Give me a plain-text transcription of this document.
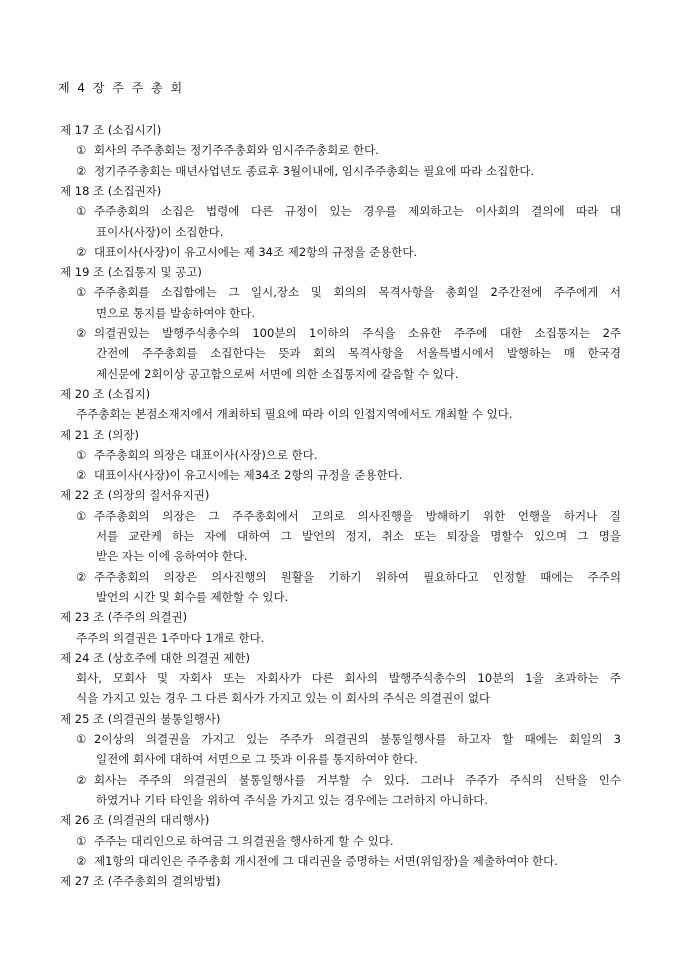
제 4 장 주 주 총 회
제 17 조 (소집시기)
① 회사의 주주총회는 정기주주총회와 임시주주총회로 한다.
② 정기주주총회는 매년사업년도 종료후 3월이내에, 임시주주총회는 필요에 따라 소집한다.
제 18 조 (소집권자)
① 주주총회의 소집은 법령에 다른 규정이 있는 경우를 제외하고는 이사회의 결의에 따라 대
표이사(사장)이 소집한다.
② 대표이사(사장)이 유고시에는 제 34조 제2항의 규정을 준용한다.
제 19 조 (소집통지 및 공고)
① 주주총회를 소집함에는 그 일시,장소 및 회의의 목격사항을 총회일 2주간전에 주주에게 서
면으로 통지를 발송하여야 한다.
② 의결권있는 발행주식총수의 100분의 1이하의 주식을 소유한 주주에 대한 소집통지는 2주
간전에 주주총회를 소집한다는 뜻과 회의 목격사항을 서울특별시에서 발행하는 매 한국경
제신문에 2회이상 공고함으로써 서면에 의한 소집통지에 갈음할 수 있다.
제 20 조 (소집지)
주주총회는 본점소재지에서 개최하되 필요에 따라 이의 인접지역에서도 개최할 수 있다.
제 21 조 (의장)
① 주주총회의 의장은 대표이사(사장)으로 한다.
② 대표이사(사장)이 유고시에는 제34조 2항의 규정을 준용한다.
제 22 조 (의장의 질서유지권)
① 주주총회의 의장은 그 주주총회에서 고의로 의사진행을 방해하기 위한 언행을 하거나 질
서를 교란케 하는 자에 대하여 그 발언의 정지, 취소 또는 퇴장을 명할수 있으며 그 명을
받은 자는 이에 응하여야 한다.
② 주주총회의 의장은 의사진행의 원활을 기하기 위하여 필요하다고 인정할 때에는 주주의
발언의 시간 및 회수를 제한할 수 있다.
제 23 조 (주주의 의결권)
주주의 의결권은 1주마다 1개로 한다.
제 24 조 (상호주에 대한 의결권 제한)
회사, 모회사 및 자회사 또는 자회사가 다른 회사의 발행주식총수의 10분의 1을 초과하는 주
식을 가지고 있는 경우 그 다른 회사가 가지고 있는 이 회사의 주식은 의결권이 없다
제 25 조 (의결권의 불통일행사)
① 2이상의 의결권을 가지고 있는 주주가 의결권의 불통일행사를 하고자 할 때에는 회일의 3
일전에 회사에 대하여 서면으로 그 뜻과 이유를 통지하여야 한다.
② 회사는 주주의 의결권의 불통일행사를 거부할 수 있다. 그러나 주주가 주식의 신탁을 인수
하였거나 기타 타인을 위하여 주식을 가지고 있는 경우에는 그러하지 아니하다.
제 26 조 (의결권의 대리행사)
① 주주는 대리인으로 하여금 그 의결권을 행사하게 할 수 있다.
② 제1항의 대리인은 주주총회 개시전에 그 대리권을 증명하는 서면(위임장)을 제출하여야 한다.
제 27 조 (주주총회의 결의방법)
